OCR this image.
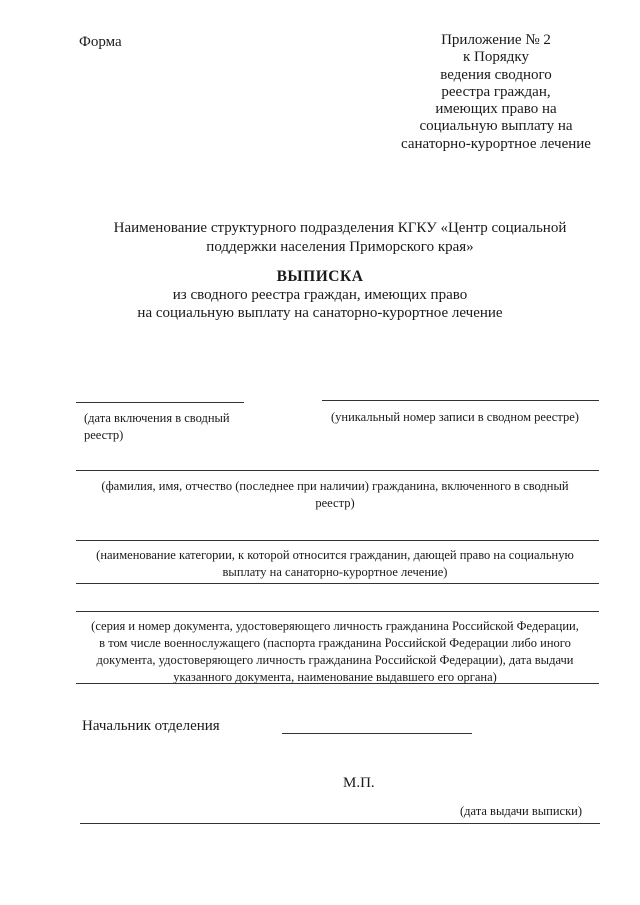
Форма	Приложение № 2
к Порядку
ведения сводного
реестра граждан,
имеющих право на
социальную выплату на
санаторно-курортное лечение
Наименование структурного подразделения КГКУ «Центр социальной
поддержки населения Приморского края»
ВЫПИСКА
из сводного реестра граждан, имеющих право
на социальную выплату на санаторно-курортное лечение
(дата включения в сводный
реестр)
(уникальный номер записи в сводном реестре)
(фамилия, имя, отчество (последнее при наличии) гражданина, включенного в сводный
реестр)
(наименование категории, к которой относится гражданин, дающей право на социальную
выплату на санаторно-курортное лечение)
(серия и номер документа, удостоверяющего личность гражданина Российской Федерации,
в том числе военнослужащего (паспорта гражданина Российской Федерации либо иного
документа, удостоверяющего личность гражданина Российской Федерации), дата выдачи
указанного документа, наименование выдавшего его органа)
Начальник отделения
М.П.
(дата выдачи выписки)
